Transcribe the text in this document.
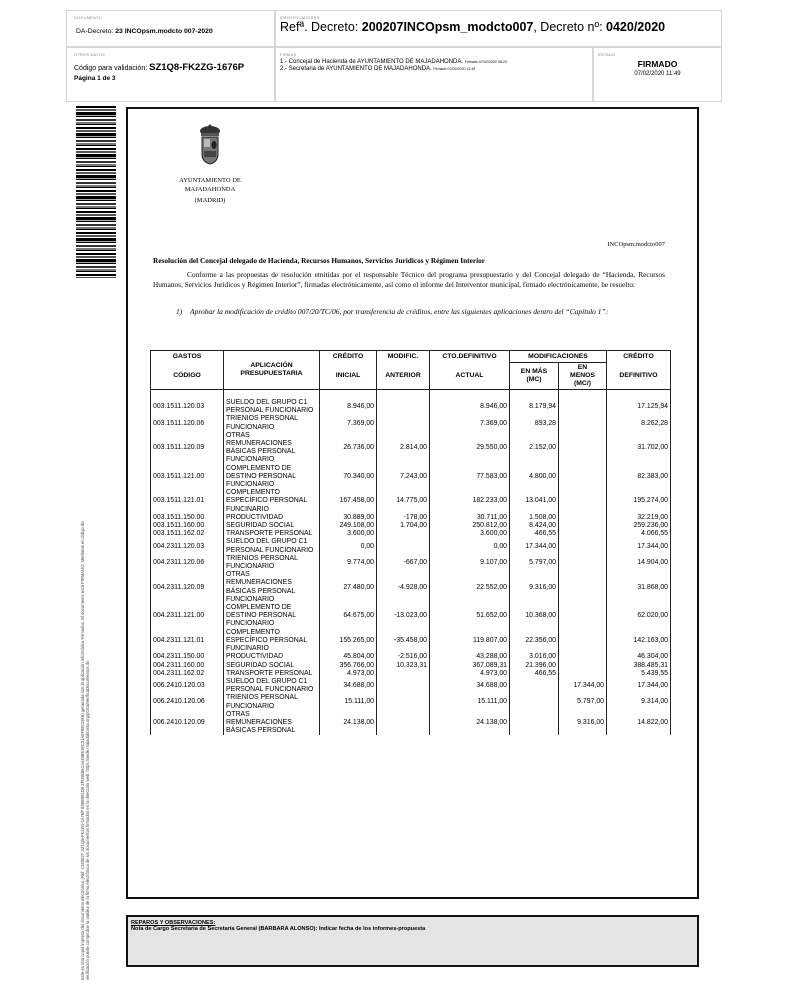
DOCUMENTO
DA-Decreto: 23 INCOpsm.modcto 007-2020
IDENTIFICADORES
Refª. Decreto: 200207INCOpsm_modcto007, Decreto nº: 0420/2020
OTROS DATOS
Código para validación: SZ1Q8-FK2ZG-1676P
Página 1 de 3
FIRMAS
1.- Concejal de Hacienda de AYUNTAMIENTO DE MAJADAHONDA. Firmado 07/02/2020 08:23
2.- Secretaria de AYUNTAMIENTO DE MAJADAHONDA. Firmado 07/02/2020 11:49
ESTADO
FIRMADO
07/02/2020 11:49
Este es una copia impresa del documento electrónico (Ref: 1283827 SZ1Q8-FK2ZG-1676P 8385B91D8 3FD8586C4448B519C31A5F8ECD6B) generada con la aplicación informática Firmadoc. El documento está FIRMADO. Mediante el código de verificación puede comprobar la validez de la firma electrónica de los documentos firmados en la dirección web: https://sede.majadahonda.org/portal/verificaDocumentos.do
AYUNTAMIENTO DE
MAJADAHONDA
(MADRID)
INCOpsm.modcto007
Resolución del Concejal delegado de Hacienda, Recursos Humanos, Servicios Jurídicos y Régimen Interior
Conforme a las propuestas de resolución emitidas por el responsable Técnico del programa presupuestario y del Concejal delegado de “Hacienda, Recursos Humanos, Servicios Jurídicos y Régimen Interior”, firmadas electrónicamente, así como el informe del Interventor municipal, firmado electrónicamente, he resuelto:
1) Aprobar la modificación de crédito 007/20/TC/06, por transferencia de créditos, entre las siguientes aplicaciones dentro del “Capítulo 1”:
GASTOS	APLICACIÓN PRESUPUESTARIA	CRÉDITO	MODIFIC.	CTO.DEFINITIVO	MODIFICACIONES		CRÉDITO
CÓDIGO		INICIAL	ANTERIOR	ACTUAL	EN MÁS (MC)	EN MENOS (MC/)	DEFINITIVO

003.1511.120.03	SUELDO DEL GRUPO C1 PERSONAL FUNCIONARIO	8.946,00		8.946,00	8.179,94		17.125,94
003.1511.120.06	TRIENIOS PERSONAL FUNCIONARIO	7.369,00		7.369,00	893,28		8.262,28
003.1511.120.09	OTRAS REMUNERACIONES BÁSICAS PERSONAL FUNCIONARIO	26.736,00	2.814,00	29.550,00	2.152,00		31.702,00
003.1511.121.00	COMPLEMENTO DE DESTINO PERSONAL FUNCIONARIO	70.340,00	7.243,00	77.583,00	4.800,00		82.383,00
003.1511.121.01	COMPLEMENTO ESPECÍFICO PERSONAL FUNCINARIO	167.458,00	14.775,00	182.233,00	13.041,00		195.274,00
003.1511.150.00	PRODUCTIVIDAD	30.889,00	-178,00	30.711,00	1.508,00		32.219,00
003.1511.160.00	SEGURIDAD SOCIAL	249.108,00	1.704,00	250.812,00	8.424,00		259.236,00
003.1511.162.02	TRANSPORTE PERSONAL	3.600,00		3.600,00	466,55		4.066,55
004.2311.120.03	SUELDO DEL GRUPO C1 PERSONAL FUNCIONARIO	0,00		0,00	17.344,00		17.344,00
004.2311.120.06	TRIENIOS PERSONAL FUNCIONARIO	9.774,00	-667,00	9.107,00	5.797,00		14.904,00
004.2311.120.09	OTRAS REMUNERACIONES BÁSICAS PERSONAL FUNCIONARIO	27.480,00	-4.928,00	22.552,00	9.316,00		31.868,00
004.2311.121.00	COMPLEMENTO DE DESTINO PERSONAL FUNCIONARIO	64.675,00	-13.023,00	51.652,00	10.368,00		62.020,00
004.2311.121.01	COMPLEMENTO ESPECÍFICO PERSONAL FUNCINARIO	155.265,00	-35.458,00	119.807,00	22.356,00		142.163,00
004.2311.150.00	PRODUCTIVIDAD	45.804,00	-2.516,00	43.288,00	3.016,00		46.304,00
004.2311.160.00	SEGURIDAD SOCIAL	356.766,00	10.323,31	367.089,31	21.396,00		388.485,31
004.2311.162.02	TRANSPORTE PERSONAL	4.973,00		4.973,00	466,55		5.439,55
006.2410.120.03	SUELDO DEL GRUPO C1 PERSONAL FUNCIONARIO	34.688,00		34.688,00		17.344,00	17.344,00
006.2410.120.06	TRIENIOS PERSONAL FUNCIONARIO	15.111,00		15.111,00		5.797,00	9.314,00
006.2410.120.09	OTRAS REMUNERACIONES BÁSICAS PERSONAL	24.138,00		24.138,00		9.316,00	14.822,00
REPAROS Y OBSERVACIONES:
Nota de Cargo Secretaria de Secretaría General (BARBARA ALONSO): Indicar fecha de los informes-propuesta
